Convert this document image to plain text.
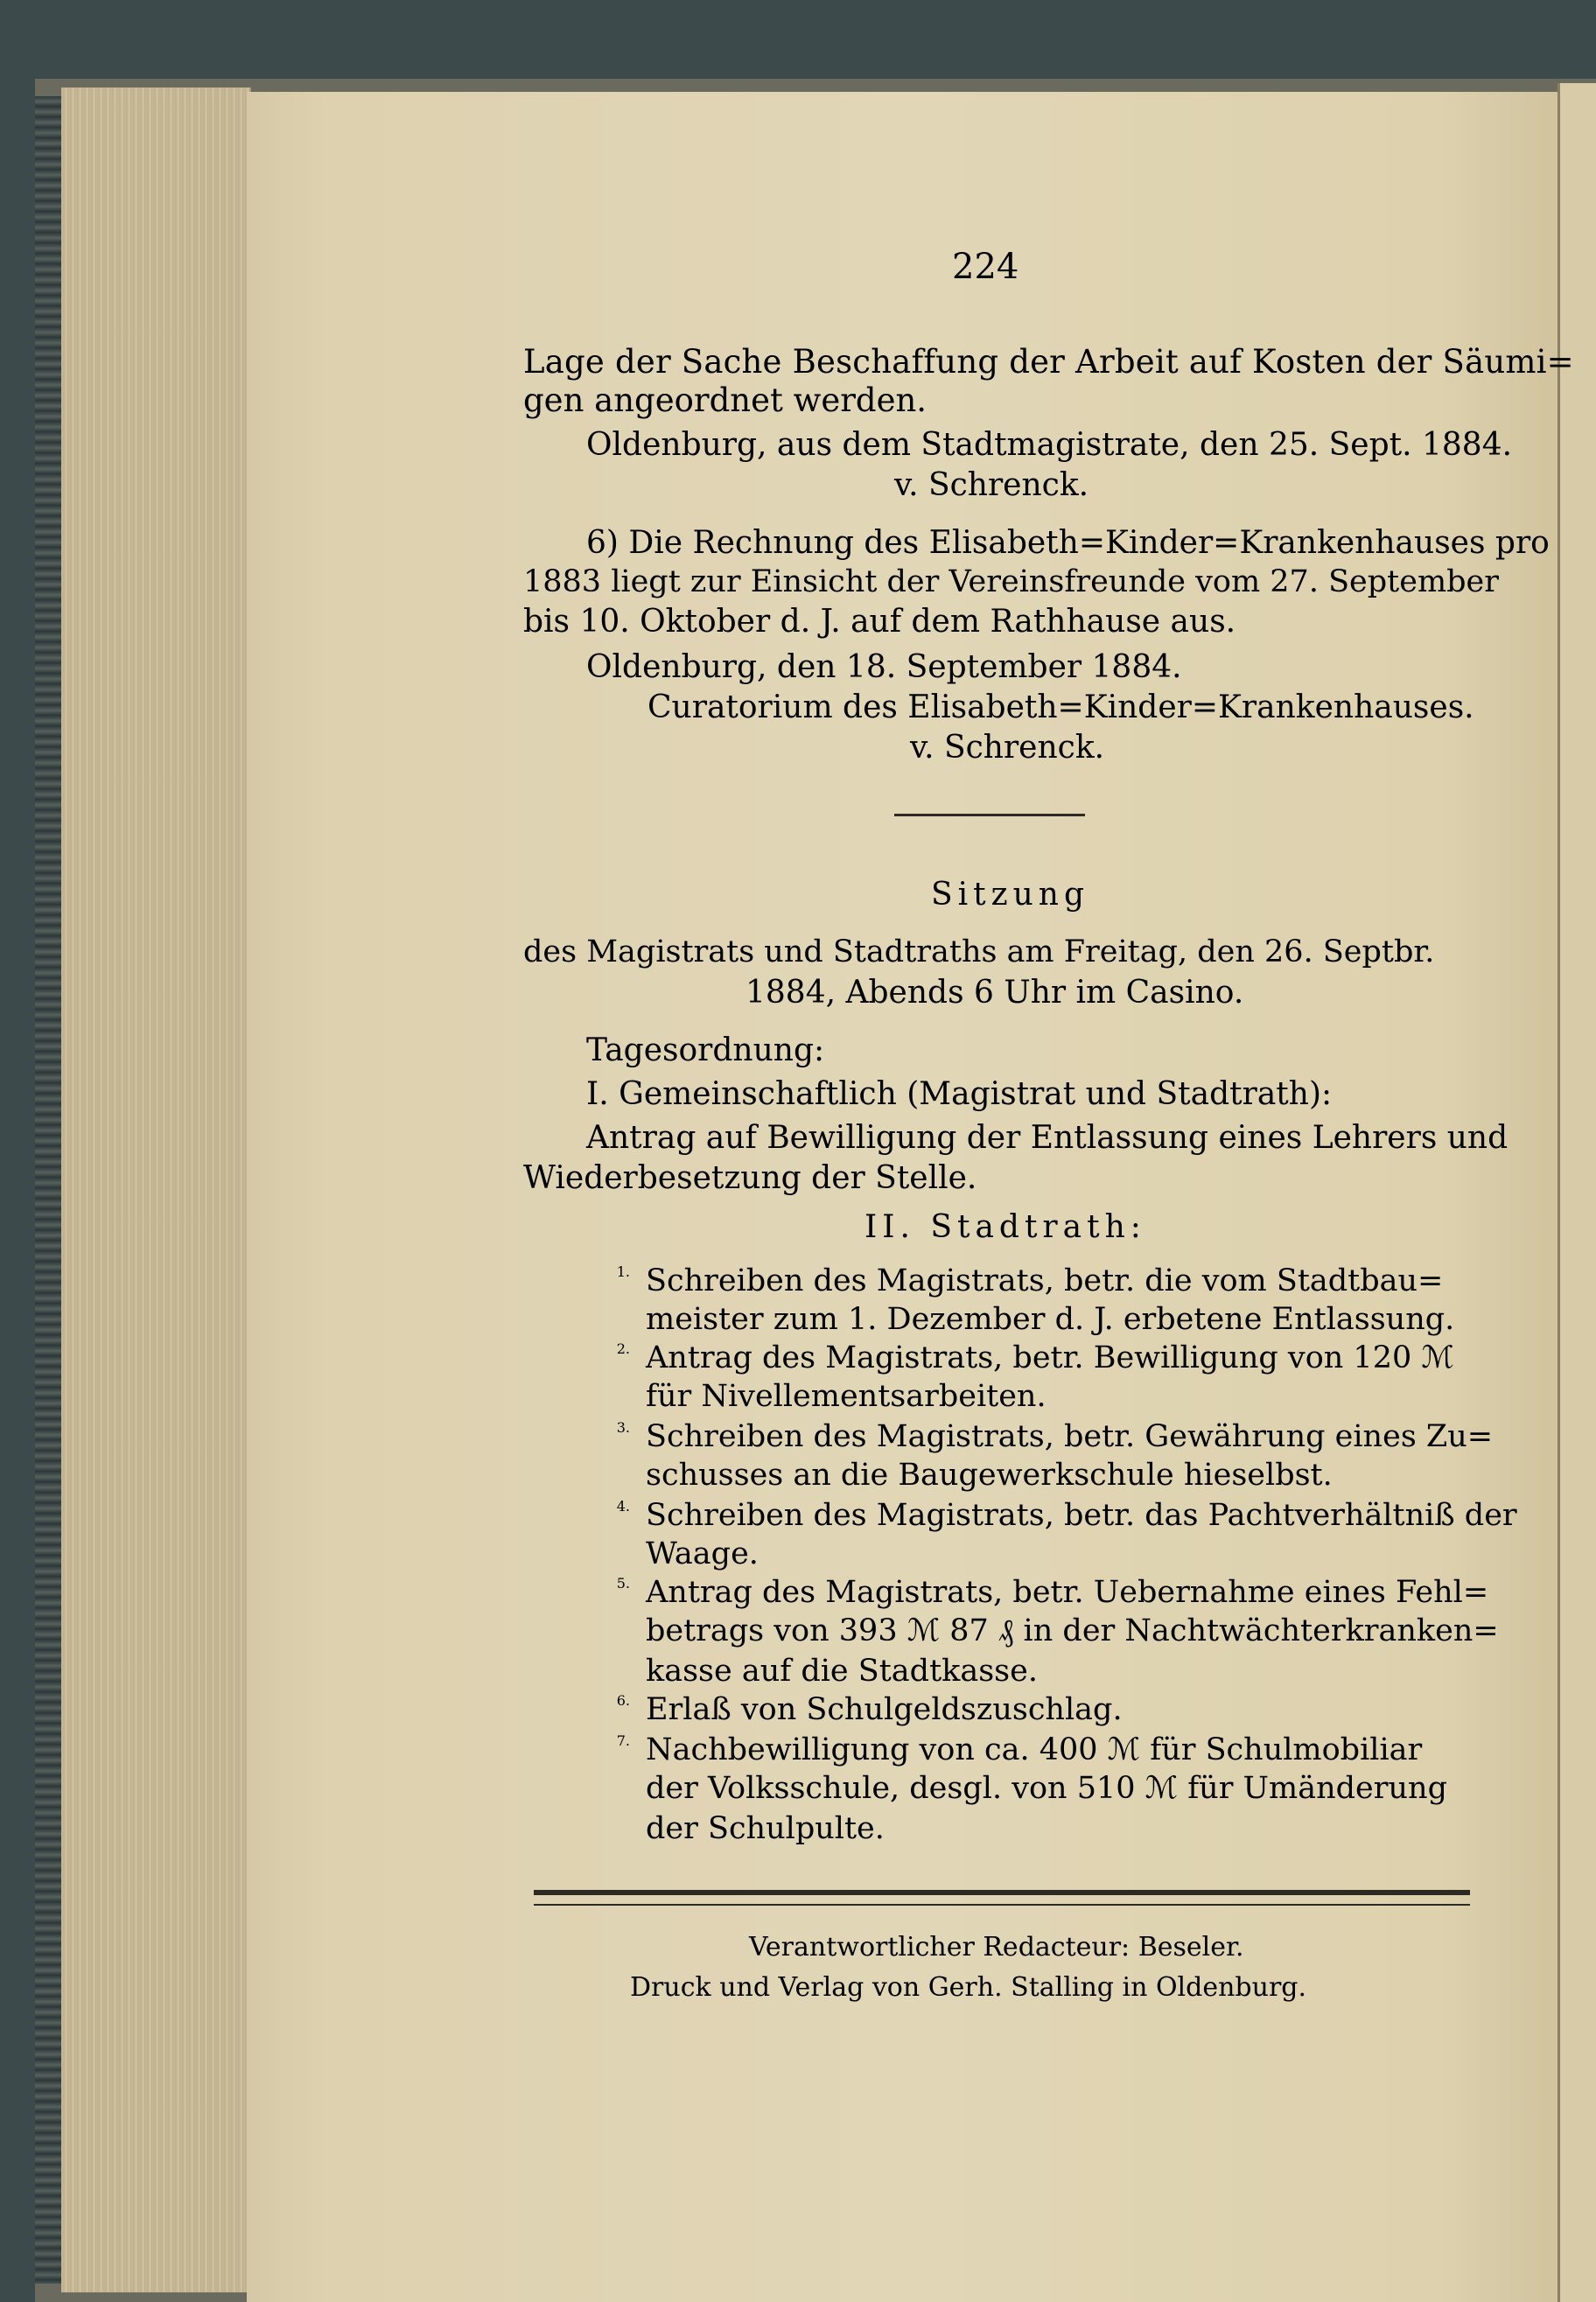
224
Lage der Sache Beschaffung der Arbeit auf Kosten der Säumi=
gen angeordnet werden.
Oldenburg, aus dem Stadtmagistrate, den 25. Sept. 1884.
v. Schrenck.
6) Die Rechnung des Elisabeth=Kinder=Krankenhauses pro
1883 liegt zur Einsicht der Vereinsfreunde vom 27. September
bis 10. Oktober d. J. auf dem Rathhause aus.
Oldenburg, den 18. September 1884.
Curatorium des Elisabeth=Kinder=Krankenhauses.
v. Schrenck.
Sitzung
des Magistrats und Stadtraths am Freitag, den 26. Septbr.
1884, Abends 6 Uhr im Casino.
Tagesordnung:
I. Gemeinschaftlich (Magistrat und Stadtrath):
Antrag auf Bewilligung der Entlassung eines Lehrers und
Wiederbesetzung der Stelle.
II. Stadtrath:
1. Schreiben des Magistrats, betr. die vom Stadtbau=
meister zum 1. Dezember d. J. erbetene Entlassung.
2. Antrag des Magistrats, betr. Bewilligung von 120 ℳ
für Nivellementsarbeiten.
3. Schreiben des Magistrats, betr. Gewährung eines Zu=
schusses an die Baugewerkschule hieselbst.
4. Schreiben des Magistrats, betr. das Pachtverhältniß der
Waage.
5. Antrag des Magistrats, betr. Uebernahme eines Fehl=
betrags von 393 ℳ 87 ₰ in der Nachtwächterkranken=
kasse auf die Stadtkasse.
6. Erlaß von Schulgeldszuschlag.
7. Nachbewilligung von ca. 400 ℳ für Schulmobiliar
der Volksschule, desgl. von 510 ℳ für Umänderung
der Schulpulte.
Verantwortlicher Redacteur: Beseler.
Druck und Verlag von Gerh. Stalling in Oldenburg.
